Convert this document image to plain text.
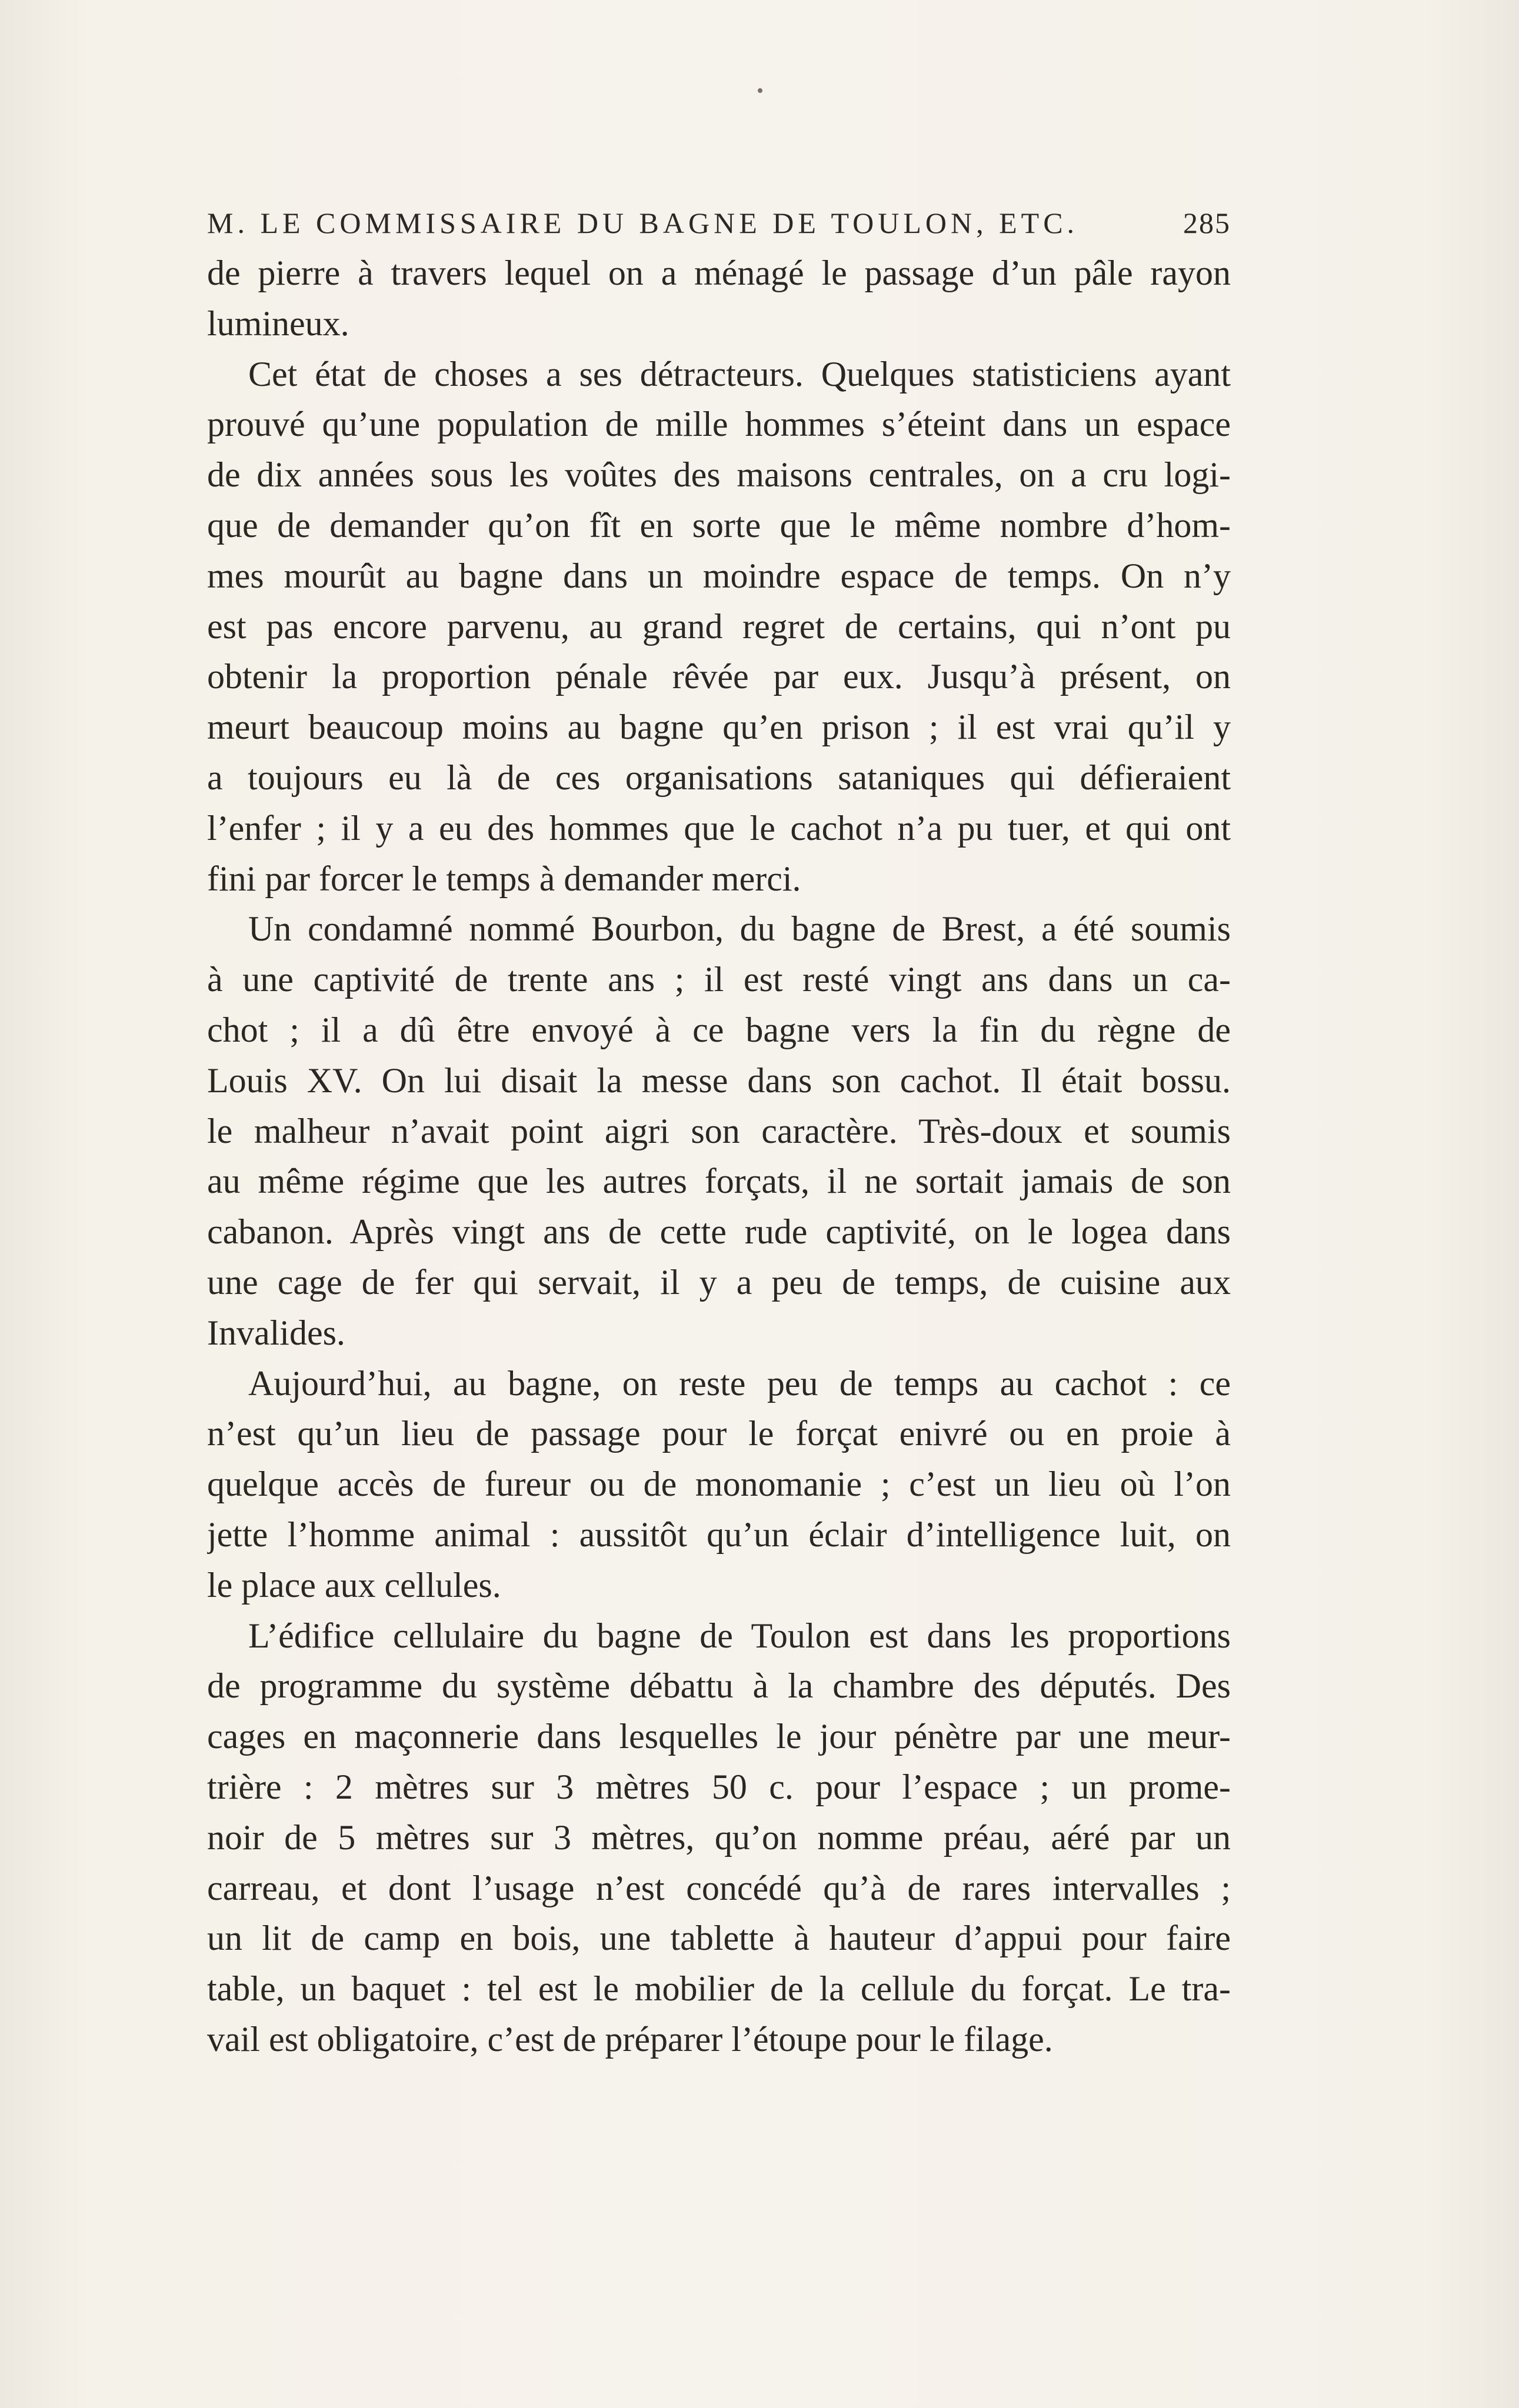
M. LE COMMISSAIRE DU BAGNE DE TOULON, ETC.	285
de pierre à travers lequel on a ménagé le passage d’un pâle rayon
lumineux.
Cet état de choses a ses détracteurs. Quelques statisticiens ayant
prouvé qu’une population de mille hommes s’éteint dans un espace
de dix années sous les voûtes des maisons centrales, on a cru logi-
que de demander qu’on fît en sorte que le même nombre d’hom-
mes mourût au bagne dans un moindre espace de temps. On n’y
est pas encore parvenu, au grand regret de certains, qui n’ont pu
obtenir la proportion pénale rêvée par eux. Jusqu’à présent, on
meurt beaucoup moins au bagne qu’en prison ; il est vrai qu’il y
a toujours eu là de ces organisations sataniques qui défieraient
l’enfer ; il y a eu des hommes que le cachot n’a pu tuer, et qui ont
fini par forcer le temps à demander merci.
Un condamné nommé Bourbon, du bagne de Brest, a été soumis
à une captivité de trente ans ; il est resté vingt ans dans un ca-
chot ; il a dû être envoyé à ce bagne vers la fin du règne de
Louis XV. On lui disait la messe dans son cachot. Il était bossu.
le malheur n’avait point aigri son caractère. Très-doux et soumis
au même régime que les autres forçats, il ne sortait jamais de son
cabanon. Après vingt ans de cette rude captivité, on le logea dans
une cage de fer qui servait, il y a peu de temps, de cuisine aux
Invalides.
Aujourd’hui, au bagne, on reste peu de temps au cachot : ce
n’est qu’un lieu de passage pour le forçat enivré ou en proie à
quelque accès de fureur ou de monomanie ; c’est un lieu où l’on
jette l’homme animal : aussitôt qu’un éclair d’intelligence luit, on
le place aux cellules.
L’édifice cellulaire du bagne de Toulon est dans les proportions
de programme du système débattu à la chambre des députés. Des
cages en maçonnerie dans lesquelles le jour pénètre par une meur-
trière : 2 mètres sur 3 mètres 50 c. pour l’espace ; un prome-
noir de 5 mètres sur 3 mètres, qu’on nomme préau, aéré par un
carreau, et dont l’usage n’est concédé qu’à de rares intervalles ;
un lit de camp en bois, une tablette à hauteur d’appui pour faire
table, un baquet : tel est le mobilier de la cellule du forçat. Le tra-
vail est obligatoire, c’est de préparer l’étoupe pour le filage.
